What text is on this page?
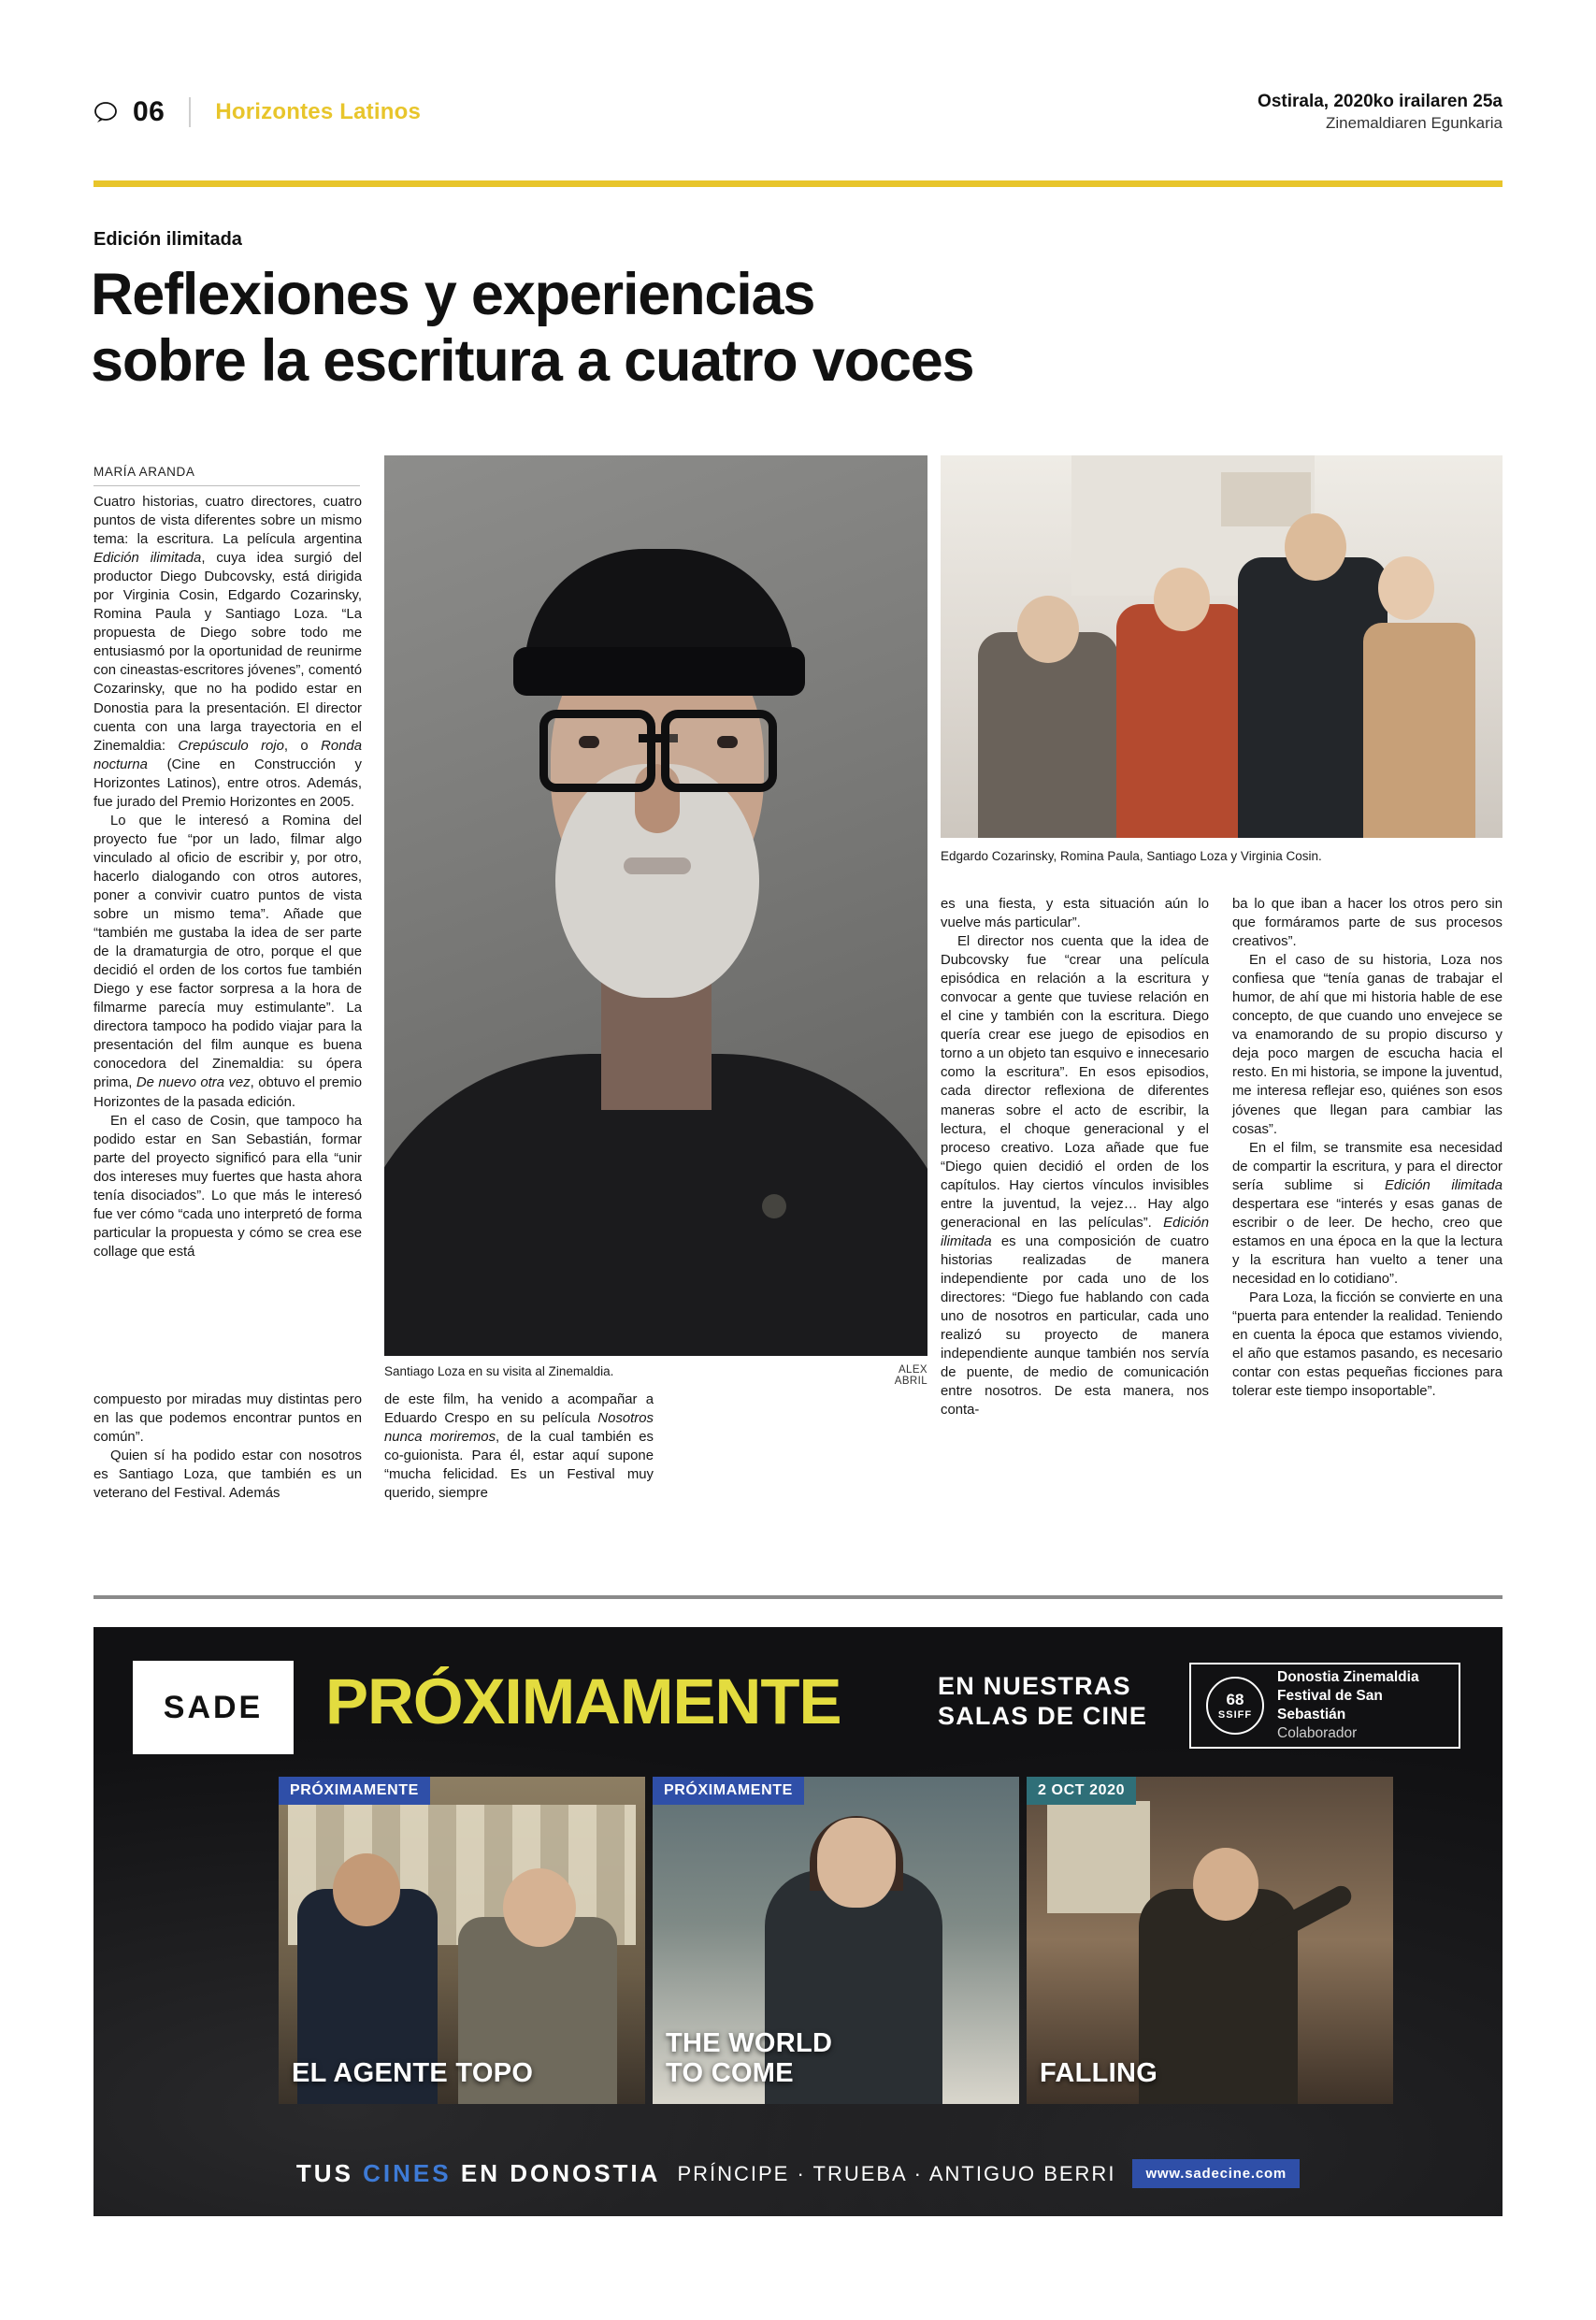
06 Horizontes Latinos	Ostirala, 2020ko irailaren 25a
Zinemaldiaren Egunkaria
Edición ilimitada
Reflexiones y experiencias
sobre la escritura a cuatro voces
MARÍA ARANDA

Cuatro historias, cuatro directores, cuatro puntos de vista diferentes sobre un mismo tema: la escritura. La película argentina Edición ilimitada, cuya idea surgió del productor Diego Dubcovsky, está dirigida por Virginia Cosin, Edgardo Cozarinsky, Romina Paula y Santiago Loza. “La propuesta de Diego sobre todo me entusiasmó por la oportunidad de reunirme con cineastas-escritores jóvenes”, comentó Cozarinsky, que no ha podido estar en Donostia para la presentación. El director cuenta con una larga trayectoria en el Zinemaldia: Crepúsculo rojo, o Ronda nocturna (Cine en Construcción y Horizontes Latinos), entre otros. Además, fue jurado del Premio Horizontes en 2005.

Lo que le interesó a Romina del proyecto fue “por un lado, filmar algo vinculado al oficio de escribir y, por otro, hacerlo dialogando con otros autores, poner a convivir cuatro puntos de vista sobre un mismo tema”. Añade que “también me gustaba la idea de ser parte de la dramaturgia de otro, porque el que decidió el orden de los cortos fue también Diego y ese factor sorpresa a la hora de filmarme parecía muy estimulante”. La directora tampoco ha podido viajar para la presentación del film aunque es buena conocedora del Zinemaldia: su ópera prima, De nuevo otra vez, obtuvo el premio Horizontes de la pasada edición.

En el caso de Cosin, que tampoco ha podido estar en San Sebastián, formar parte del proyecto significó para ella “unir dos intereses muy fuertes que hasta ahora tenía disociados”. Lo que más le interesó fue ver cómo “cada uno interpretó de forma particular la propuesta y cómo se crea ese collage que está

Santiago Loza en su visita al Zinemaldia.	ALEX ABRIL
Edgardo Cozarinsky, Romina Paula, Santiago Loza y Virginia Cosin.

es una fiesta, y esta situación aún lo vuelve más particular”.

El director nos cuenta que la idea de Dubcovsky fue “crear una película episódica en relación a la escritura y convocar a gente que tuviese relación en el cine y también con la escritura. Diego quería crear ese juego de episodios en torno a un objeto tan esquivo e innecesario como la escritura”. En esos episodios, cada director reflexiona de diferentes maneras sobre el acto de escribir, la lectura, el choque generacional y el proceso creativo. Loza añade que fue “Diego quien decidió el orden de los capítulos. Hay ciertos vínculos invisibles entre la juventud, la vejez… Hay algo generacional en las películas”. Edición ilimitada es una composición de cuatro historias realizadas de manera independiente por cada uno de los directores: “Diego fue hablando con cada uno de nosotros en particular, cada uno realizó su proyecto de manera independiente aunque también nos servía de puente, de medio de comunicación entre nosotros. De esta manera, nos conta-

ba lo que iban a hacer los otros pero sin que formáramos parte de sus procesos creativos”.

En el caso de su historia, Loza nos confiesa que “tenía ganas de trabajar el humor, de ahí que mi historia hable de ese concepto, de que cuando uno envejece se va enamorando de su propio discurso y deja poco margen de escucha hacia el resto. En mi historia, se impone la juventud, me interesa reflejar eso, quiénes son esos jóvenes que llegan para cambiar las cosas”.

En el film, se transmite esa necesidad de compartir la escritura, y para el director sería sublime si Edición ilimitada despertara ese “interés y esas ganas de escribir o de leer. De hecho, creo que estamos en una época en la que la lectura y la escritura han vuelto a tener una necesidad en lo cotidiano”.

Para Loza, la ficción se convierte en una “puerta para entender la realidad. Teniendo en cuenta la época que estamos viviendo, el año que estamos pasando, es necesario contar con estas pequeñas ficciones para tolerar este tiempo insoportable”.

compuesto por miradas muy distintas pero en las que podemos encontrar puntos en común”.

Quien sí ha podido estar con nosotros es Santiago Loza, que también es un veterano del Festival. Además

de este film, ha venido a acompañar a Eduardo Crespo en su película Nosotros nunca moriremos, de la cual también es co-guionista. Para él, estar aquí supone “mucha felicidad. Es un Festival muy querido, siempre

SADE PRÓXIMAMENTE	EN NUESTRAS
SALAS DE CINE
68
SSIFF
Donostia Zinemaldia
Festival de San Sebastián
Colaborador
PRÓXIMAMENTE
EL AGENTE TOPO
PRÓXIMAMENTE
THE WORLD
TO COME
2 OCT 2020
FALLING
TUS CINES EN DONOSTIA PRÍNCIPE · TRUEBA · ANTIGUO BERRI	www.sadecine.com
